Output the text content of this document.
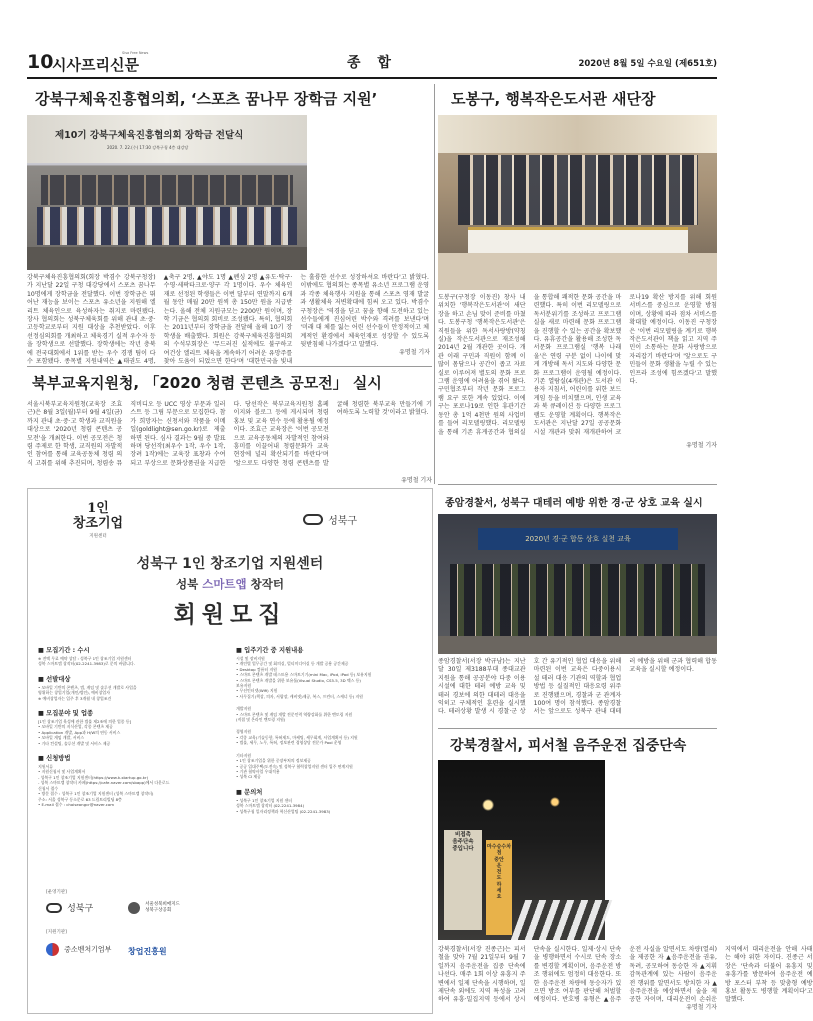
10
시사프리신문
Sisa Free News
종 합	2020년 8월 5일 수요일 (제651호)
강북구체육진흥협의회, ‘스포츠 꿈나무 장학금 지원’
제10기 강북구체육진흥협의회 장학금 전달식
2020. 7. 22.(수) 17:30 강북구청 4층 대강당
강북구체육진흥협의회(회장 박겸수 강북구청장)가 지난달 22일 구청 대강당에서 스포츠 꿈나무 10명에게 장학금을 전달했다. 이번 장학금은 뛰어난 재능을 보이는 스포츠 유소년을 지원해 엘리트 체육인으로 육성하자는 취지로 마련됐다. 장사 협의회는 성북구체육회를 위해 관내 초·중·고등학교로부터 지원 대상을 추천받았다. 이후 선정심의회를 개최하고 체육경기 실적 우수자 등을 장학생으로 선발했다. 장학생에는 작년 충북에 전국대회에서 1위를 받는 우수 경쟁 팀이 다수 포함됐다. 종목별 지원내역은 ▲태권도 4명, ▲축구 2명, ▲야도 1명 ▲펜싱 2명 ▲유도·탁구·수영·세팍타크로·양구 각 1명이다. 우수 체육인재로 선정된 학생들은 이번 달부터 연말까지 6개월 동안 매월 20만 원씩 총 150만 원을 지급받는다. 올해 전체 지원규모는 2200만 원이며, 장학 기금은 협의회 회비로 조성됐다. 특히, 협의회는 2011년부터 장학금을 전달해 올해 10기 장학생을 배출했다. 회원은 강북구체육진흥협의회의 수석부회장은 '무드러진 실적에도 불구하고 여건상 엘리트 체육을 계속하기 어려운 유망주를 찾아 도움이 되었으면 한다'며 '대한민국을 빛내는 훌륭한 선수로 성장하셔요 바란다'고 밝혔다. 이밖에도 협의회는 종목별 유소년 프로그램 운영과 각종 체육행사 지원을 통해 스포츠 영재 발굴과 생활체육 저변확대에 힘써 오고 있다. 박겸수 구청장은 '역경을 딛고 꿈을 향해 도전하고 있는 선수들에게 진심어린 박수와 격려를 보낸다'며 '미래 대 체를 잃는 어린 선수들이 안정적이고 체계적인 환경에서 체육인재로 성장할 수 있도록 뒷받침해 나가겠다'고 말했다.
유명철 기자
도봉구, 행복작은도서관 새단장
도봉구(구청장 이동진) 창사 내 위치한 '행복작은도서관'이 새단장을 하고 손님 맞이 준비를 마쳤다. 도봉구청 '행복작은도서관'은 직원들을 위한 독서사랑방(약칭 실)을 작은도서관으로 재조성해 2014년 2월 개관한 곳이다. 개관 이래 구민과 직원이 함께 이 많이 몸담으나 공간이 좁고 자료실로 이루어져 별도의 문화 프로그램 운영에 어려움을 겪어 왔다. 구민협조부터 작년 문화 프로그램 요구 또한 계속 있었다. 이에 구는 포로나19로 인한 휴관기간 동안 총 1억 4천만 원의 사업비를 들여 리모델링했다. 리모델링을 통해 기존 휴게공간과 협의실을 통합해 쾌적한 문화 공간을 마련했다. 특히 이번 리모델링으로 독서분위기를 조성하고 프로그램실을 새로 마련해 문화 프로그램을 진행할 수 있는 공간을 확보했다. 유휴공간을 활용해 조성한 독서문화 프로그램실 '행복 나래울'은 연령 구분 없이 나이에 맞게 개방해 독서 지도와 다양한 문화 프로그램이 운영될 예정이다. 기존 열람실(4개관)은 도서관 이용자 지침서, 어린이를 위한 보드게임 등을 비치했으며, 인생 교육과 북 큐레이션 등 다양한 프로그램도 운영할 계획이다. 행복작은도서관은 지난달 27일 공공문화시설 개관과 맞춰 재개관하여 코로나19 확산 방지를 위해 회원 서비스를 중심으로 운영할 방침이며, 상황에 따라 점차 서비스를 확대할 예정이다. 이동진 구청장은 '이번 리모델링을 계기로 행복작은도서관이 책을 읽고 지역 주민이 소통하는 문화 사랑방으로 자리잡기 바란다'며 '앞으로도 구민들이 문화 생활을 누릴 수 있는 인프라 조성에 힘쓰겠다'고 말했다.
유명철 기자
북부교육지원청, 「2020 청렴 콘텐츠 공모전」 실시
서울시북부교육지원청(교육장 조효근)은 8월 3일(월)부터 9월 4일(금)까지 관내 초·중·고 학생과 교직원을 대상으로 '2020년 청렴 콘텐츠 공모전'을 개최한다. 이번 공모전은 청렴 주제로 한 학생, 교직원의 자발적인 참여를 통해 교육공동체 청렴 의식 고취를 위해 추진되며, 청렴송 뮤직비디오 등 UCC 영상 부문과 일러스트 등 그림 부문으로 모집한다. 참가 희망자는 신청서와 작품을 이메일(goldlight@sen.go.kr)로 제출하면 된다. 심사 결과는 9월 중 발표하며 당선작(최우수 1작, 우수 1작, 장려 1작)에는 교육장 표창과 수여되고 부상으로 문화상품권을 지급한다. 당선작은 북부교육지원청 홈페이지와 블로그 등에 게시되며 청렴 홍보 및 교육 연수 등에 활용될 예정이다. 조효근 교육장은 '이번 공모전으로 교육공동체의 자발적인 참여와 흥미를 이끌어내 청렴문화가 교육 현장에 널리 확산되기를 바란다'며 '앞으로도 다양한 청렴 콘텐츠를 발굴해 청렴한 북부교육 만들기에 기여하도록 노력할 것'이라고 밝혔다.
유명철 기자
1인
창조기업
지원센터
성북구
성북구 1인 창조기업 지원센터
성북 스마트앱 창작터
회원모집
■ 모집기간 : 수시
※ 전액 무료 예약 상담 : 성북구 1인 창조기업 지원센터
성북 스마트앱 창작터(02-2241-3983)로 문의 바랍니다.
■ 선발대상
• 모바일 기반의 콘텐츠, 앱, 게임 및 솔루션 개발로 사업을
영위하는 창업기업(개인/법인), 예비창업자
※ 예비창업자는 입주 후 3개월 내 창업조건
■ 모집분야 및 업종
[1인 창조기업 육성에 관한 법률 제2조에 의한 업종 등]
• 모바일 기반의 지식산업, 각종 콘텐츠 제공
• Application 개발, App과 H/W의 연동 서비스
• 모바일 게임 개발, 서비스
• 기타 컨설팅, 솔루션 개발 및 서비스 제공
■ 신청방법
지원서류
• 지원신청서 및 사업계획서
- 성북구 1인 창조기업 지원센터(https://www.k-startup.go.kr)
- 성북 스마트앱 창작터 카페(https://cafe.naver.com/sbapp)에서 다운로드
신청서 접수
• 방문 접수 : 성북구 1인 창조기업 지원센터 (성북 스마트앱 창작터)
주소: 서울 성북구 동소문로 63 드림트리빌딩 8층
• E-mail 접수 : choiseongcr@naver.com
■ 입주기간 중 지원내용
시설 및 장비지원
• 개인별 업무공간 및 회의실, 멀티미디어실 등 개발 공용 공간제공
• Desktop 컴퓨터 지원
• 스마트 콘텐츠 개발 테스트용 스마트기기(mini Mac, iPod, iPad 등) 보유지원
• 스마트 콘텐츠 개발을 위한 보유툴(Visual Studio, CS5.5, 3D 맥스 등)
보유지원
• 무선인터넷(Wifi) 지원
• 사무집기(책상, 의자, 서랍장, 캐비넷)제공, 복스, 프린터, 스캐너 등) 지원
개발지원
• 스마트 콘텐츠 및 게임 개발 전문인력 역량강화를 위한 멘토링 지원
(직접 및 온라인 멘토링 지원)
경영지원
• 각종 교육(기술동향, 특허제도, 마케팅, 세무회계, 사업계획서 등) 지원
• 법률, 세무, 노무, 특허, 정보관련 경영상담 전문가 Pool 운영
기타지원
• 1인 창조기업을 위한 중장부처의 정보제공
• 공공 입대주택(도전숙) 및 성북구 협력창업지원 센터 입주 연계지원
• 기관 협약사업 우대적용
• 성북 CI 제공
■ 문의처
• 성북구 1인 창조기업 지원 센터
성북 스마트앱 창작터 (02-2241-3984)
• 성북구청 일자리정책과 혁신산업팀 (02-2241-3983)
[운영기관]
성북구	서울성북희매지드
성북구상공회
[지원기관]
중소벤처기업부 창업진흥원
종암경찰서, 성북구 대테러 예방 위한 경·군 상호 교육 실시
2020년 경·군 합동 상호 실천 교육
종암경찰서(서장 박규남)는 지난달 30일 제3188부대 종대교관 지원을 통해 공공분야 다중 이용시설에 대한 테러 예방 교육 및 테러 경보에 의한 대테러 대응을 익히고 구체적인 훈련을 실시했다. 테러상황 발생 시 경찰·군 상호 간 유기적인 협업 대응을 위해 마련된 이번 교육은 다중이용시설 테러 대응 기관의 역할과 협업 방법 등 실질적인 대응요령 위주로 진행됐으며, 경찰과 군 관계자 100여 명이 참석했다. 종암경찰서는 앞으로도 성북구 관내 대테러 예방을 위해 군과 협력해 합동 교육을 실시할 예정이다.
강북경찰서, 피서철 음주운전 집중단속
비접촉
음주단속
중입니다	마수승수차
점
중안
운
전
도
하
세
요
강북경찰서(서장 진종근)는 피서철을 맞아 7월 21일부터 9월 7일까지 음주운전을 집중 단속에 나선다. 매주 1회 이상 유흥지 주변에서 일제 단속을 시행하며, 일제단속 외에도 지역 특성을 고려하여 유흥·밀집지역 등에서 상시 단속을 실시한다. 일제·상시 단속을 병행하면서 수시로 단속 장소를 변경할 계획이며, 음주운전 방조 행위에도 엄정히 대응한다. 또한 음주운전 차량에 동승자가 있으면 방조 여부를 판단해 처벌할 예정이다. 반호병 유형은 ▲음주운전 사실을 알면서도 차량(열쇠)을 제공한 자 ▲음주운전을 권유, 독려, 공모하여 동승한 자 ▲지휘감독관계에 있는 사람이 음주운전 행위를 알면서도 방치한 자 ▲음주운전을 예상하면서 술을 제공한 자이며, 대리운전이 손쉬운 지역에서 대리운전을 안해 사태는 해야 위한 자이다. 진종근 서장은 '단속과 더불어 유흥지 및 유흥가를 방문하여 음주운전 예방 포스터 부착 등 맞춤형 예방 홍보 활동도 병행할 계획이다'고 말했다.
유명철 기자
